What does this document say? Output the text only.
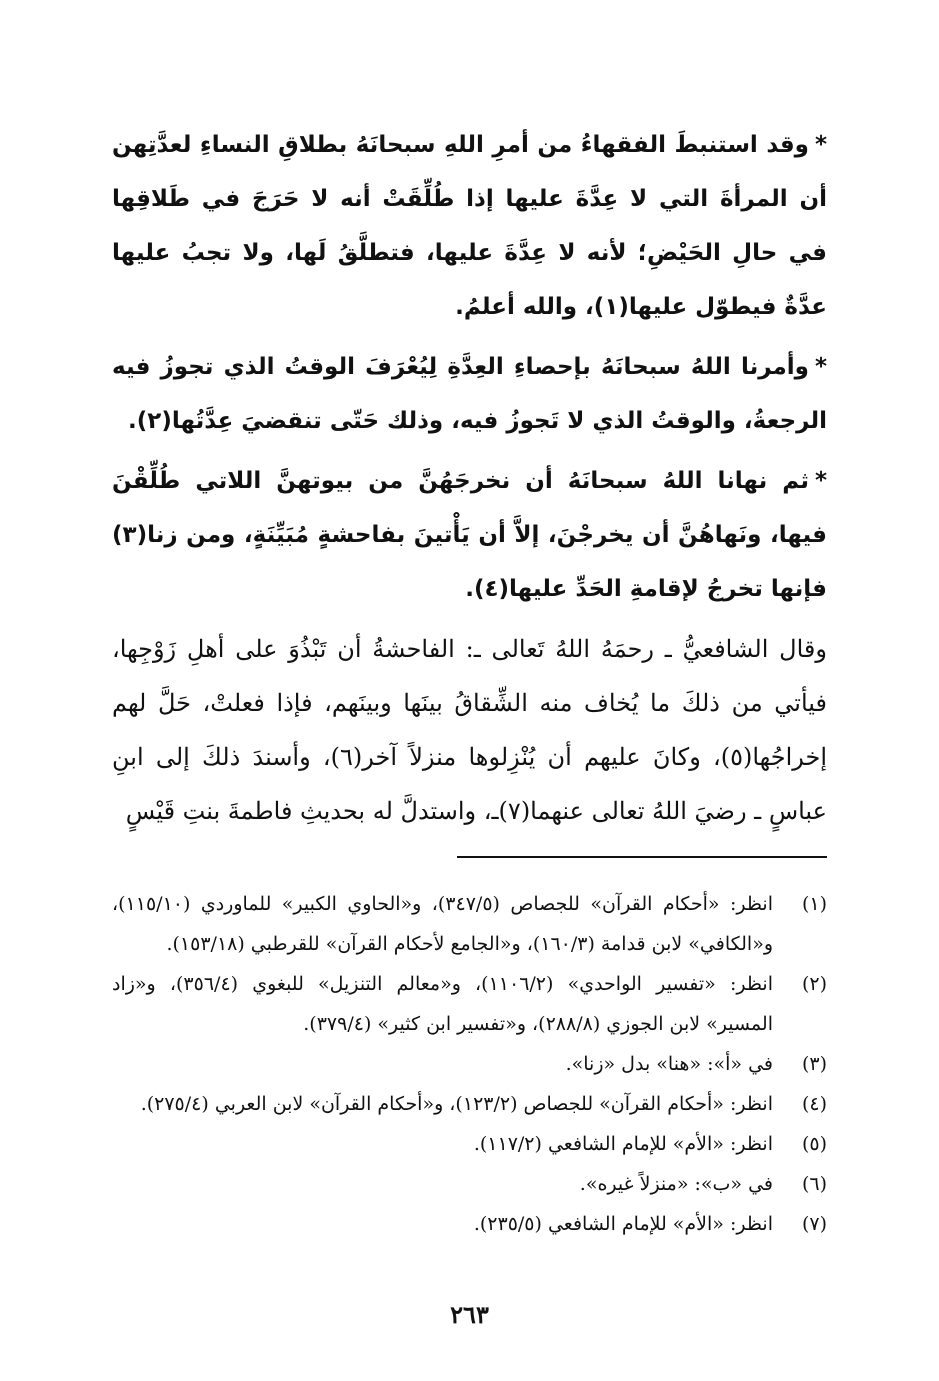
*وقد استنبطَ الفقهاءُ من أمرِ اللهِ سبحانَهُ بطلاقِ النساءِ لعدَّتِهن أن المرأةَ التي لا عِدَّةَ عليها إذا طُلِّقَتْ أنه لا حَرَجَ في طَلاقِها في حالِ الحَيْضِ؛ لأنه لا عِدَّةَ عليها، فتطلَّقُ لَها، ولا تجبُ عليها عدَّةٌ فيطوّل عليها(١)، والله أعلمُ.

*وأمرنا اللهُ سبحانَهُ بإحصاءِ العِدَّةِ لِيُعْرَفَ الوقتُ الذي تجوزُ فيه الرجعةُ، والوقتُ الذي لا تَجوزُ فيه، وذلك حَتّى تنقضيَ عِدَّتُها(٢).

*ثم نهانا اللهُ سبحانَهُ أن نخرجَهُنَّ من بيوتهنَّ اللاتي طُلِّقْنَ فيها، ونَهاهُنَّ أن يخرجْنَ، إلاَّ أن يَأْتينَ بفاحشةٍ مُبَيِّنَةٍ، ومن زنا(٣) فإنها تخرجُ لإقامةِ الحَدِّ عليها(٤).

وقال الشافعيُّ ـ رحمَهُ اللهُ تَعالى ـ: الفاحشةُ أن تَبْذُوَ على أهلِ زَوْجِها، فيأتي من ذلكَ ما يُخاف منه الشِّقاقُ بينَها وبينَهم، فإذا فعلتْ، حَلَّ لهم إخراجُها(٥)، وكانَ عليهم أن يُنْزِلوها منزلاً آخر(٦)، وأسندَ ذلكَ إلى ابنِ عباسٍ ـ رضيَ اللهُ تعالى عنهما(٧)ـ، واستدلَّ له بحديثِ فاطمةَ بنتِ قَيْسٍ

(١)
انظر: «أحكام القرآن» للجصاص (٣٤٧/٥)، و«الحاوي الكبير» للماوردي (١١٥/١٠)، و«الكافي» لابن قدامة (١٦٠/٣)، و«الجامع لأحكام القرآن» للقرطبي (١٥٣/١٨).
(٢)
انظر: «تفسير الواحدي» (١١٠٦/٢)، و«معالم التنزيل» للبغوي (٣٥٦/٤)، و«زاد المسير» لابن الجوزي (٢٨٨/٨)، و«تفسير ابن كثير» (٣٧٩/٤).
(٣)
في «أ»: «هنا» بدل «زنا».
(٤)
انظر: «أحكام القرآن» للجصاص (١٢٣/٢)، و«أحكام القرآن» لابن العربي (٢٧٥/٤).
(٥)
انظر: «الأم» للإمام الشافعي (١١٧/٢).
(٦)
في «ب»: «منزلاً غيره».
(٧)
انظر: «الأم» للإمام الشافعي (٢٣٥/٥).
٢٦٣
